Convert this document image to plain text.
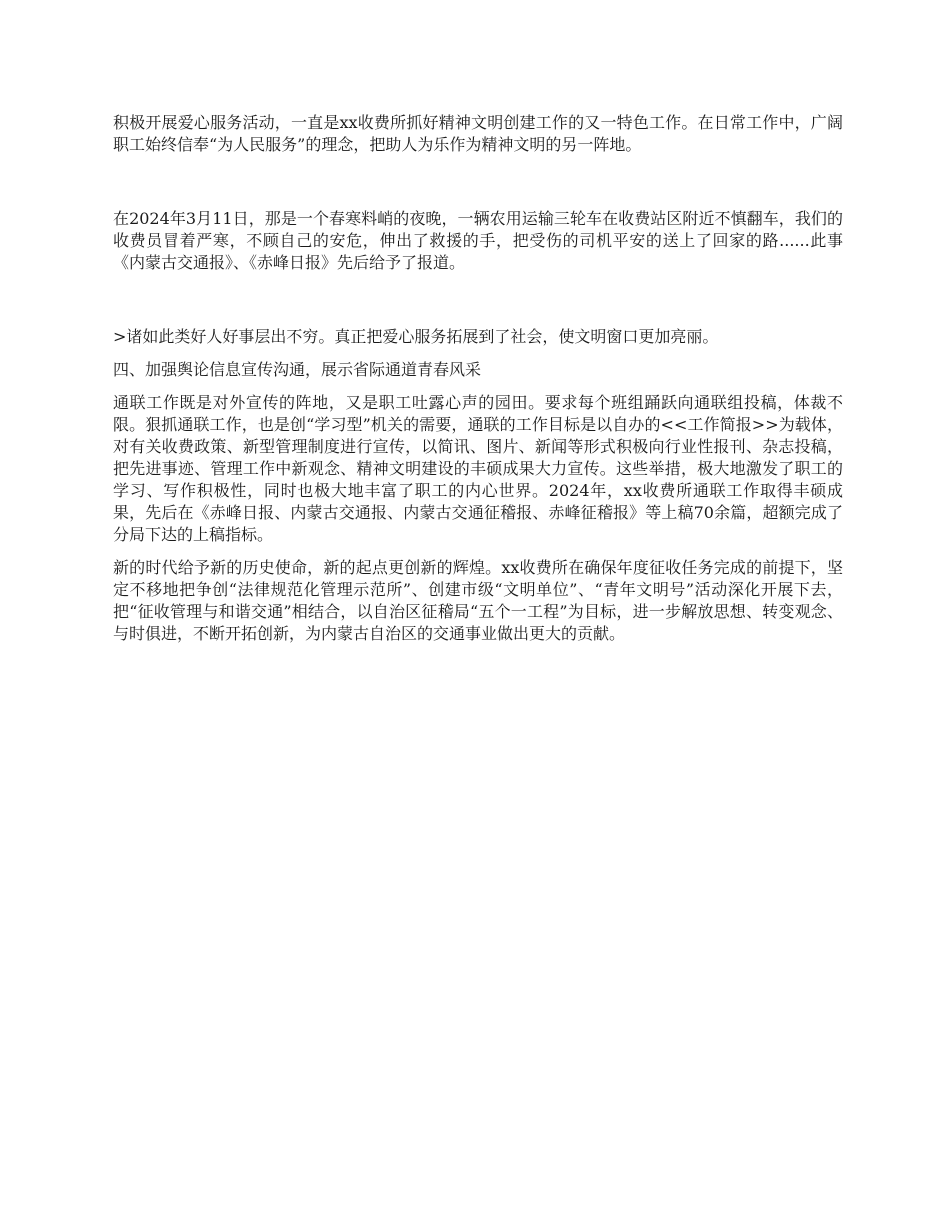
积极开展爱心服务活动，一直是xx收费所抓好精神文明创建工作的又一特色工作。在日常工作中，广阔职工始终信奉“为人民服务”的理念，把助人为乐作为精神文明的另一阵地。

在2024年3月11日，那是一个春寒料峭的夜晚，一辆农用运输三轮车在收费站区附近不慎翻车，我们的收费员冒着严寒，不顾自己的安危，伸出了救援的手，把受伤的司机平安的送上了回家的路......此事《内蒙古交通报》、《赤峰日报》先后给予了报道。

>诸如此类好人好事层出不穷。真正把爱心服务拓展到了社会，使文明窗口更加亮丽。

四、加强舆论信息宣传沟通，展示省际通道青春风采

通联工作既是对外宣传的阵地，又是职工吐露心声的园田。要求每个班组踊跃向通联组投稿，体裁不限。狠抓通联工作，也是创“学习型”机关的需要，通联的工作目标是以自办的<<工作简报>>为载体，对有关收费政策、新型管理制度进行宣传，以简讯、图片、新闻等形式积极向行业性报刊、杂志投稿，把先进事迹、管理工作中新观念、精神文明建设的丰硕成果大力宣传。这些举措，极大地激发了职工的学习、写作积极性，同时也极大地丰富了职工的内心世界。2024年，xx收费所通联工作取得丰硕成果，先后在《赤峰日报、内蒙古交通报、内蒙古交通征稽报、赤峰征稽报》等上稿70余篇，超额完成了分局下达的上稿指标。

新的时代给予新的历史使命，新的起点更创新的辉煌。xx收费所在确保年度征收任务完成的前提下，坚定不移地把争创“法律规范化管理示范所”、创建市级“文明单位”、“青年文明号”活动深化开展下去，把“征收管理与和谐交通”相结合，以自治区征稽局“五个一工程”为目标，进一步解放思想、转变观念、与时俱进，不断开拓创新，为内蒙古自治区的交通事业做出更大的贡献。
